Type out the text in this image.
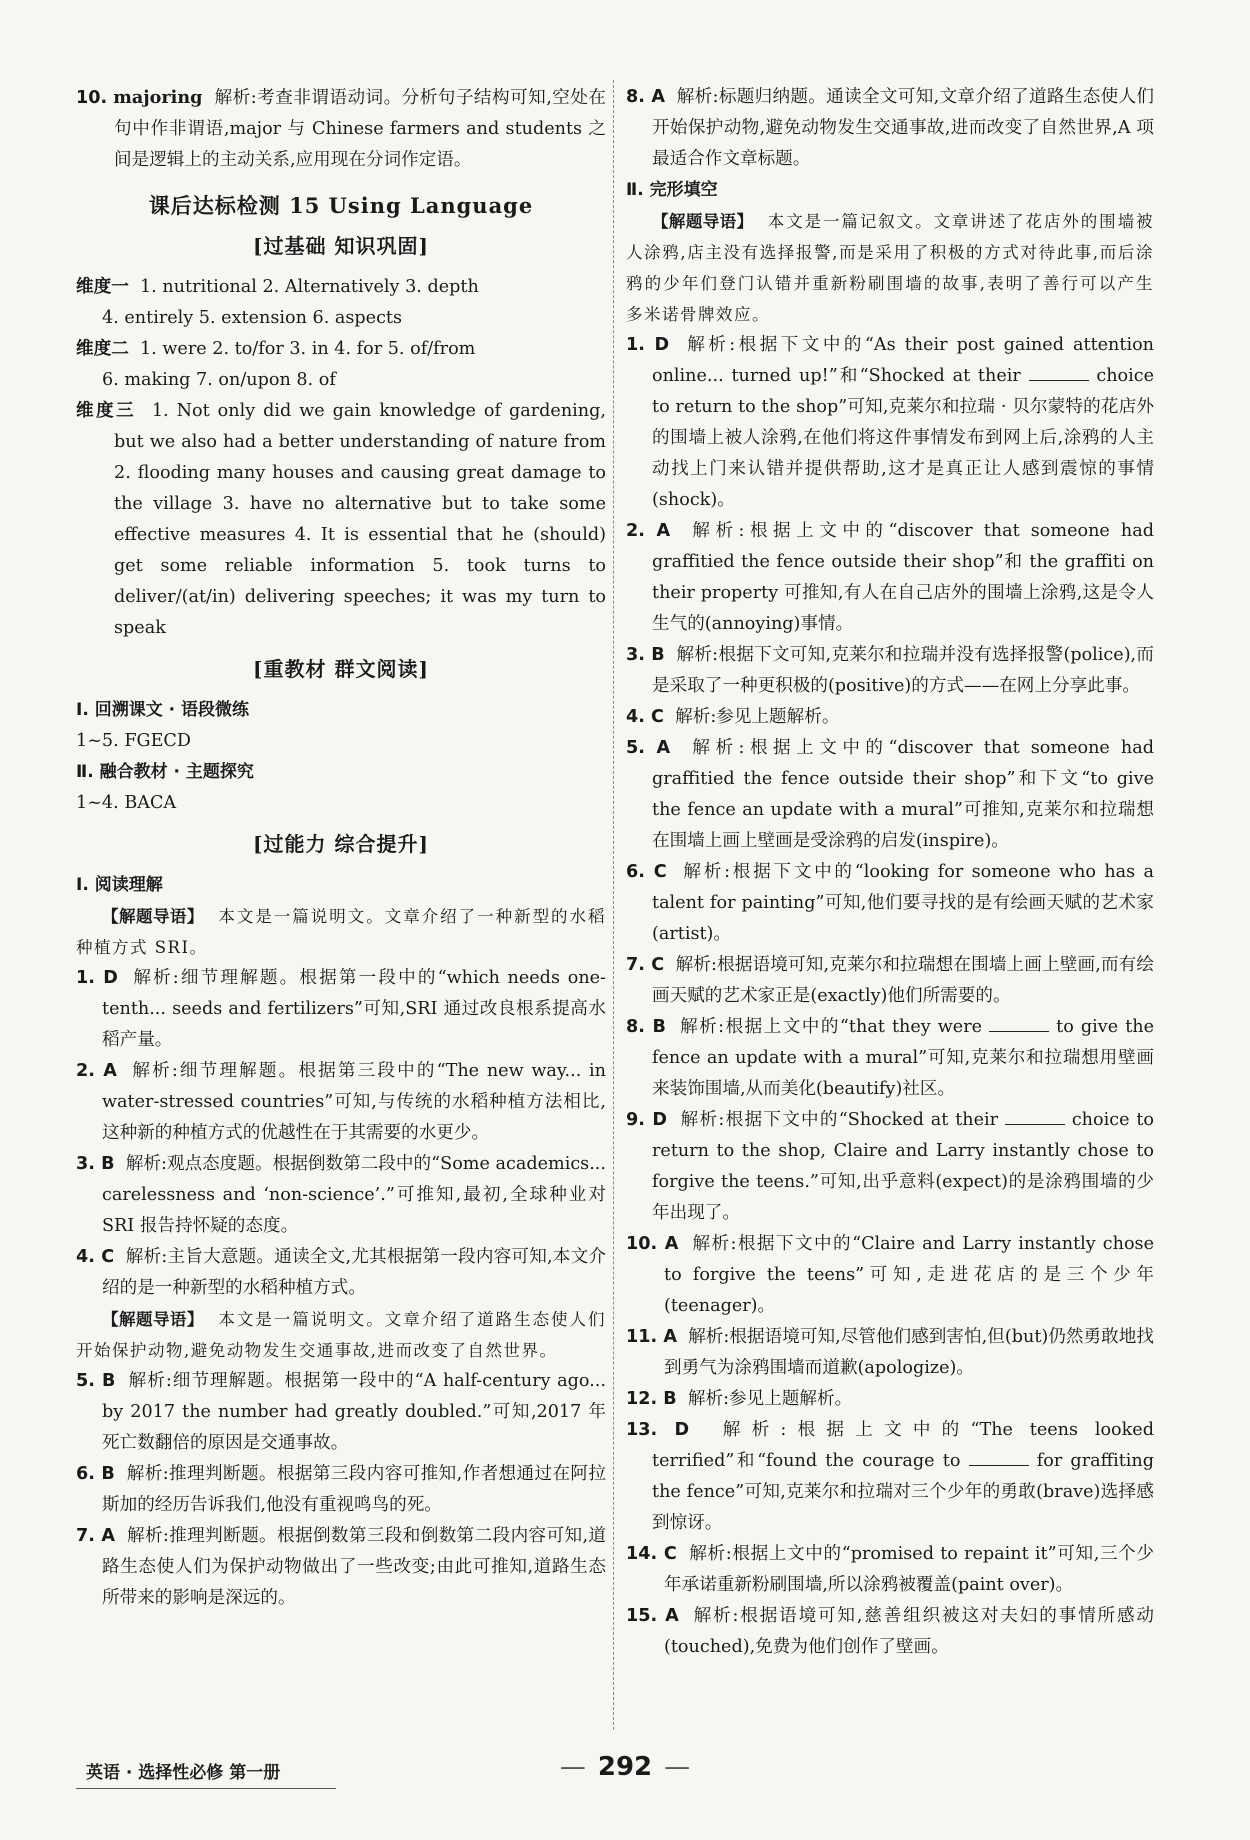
10. majoring 解析:考查非谓语动词。分析句子结构可知,空处在句中作非谓语,major 与 Chinese farmers and students 之间是逻辑上的主动关系,应用现在分词作定语。

课后达标检测 15 Using Language
[过基础 知识巩固]

维度一 1. nutritional 2. Alternatively 3. depth

4. entirely 5. extension 6. aspects

维度二 1. were 2. to/for 3. in 4. for 5. of/from

6. making 7. on/upon 8. of

维度三 1. Not only did we gain knowledge of gardening, but we also had a better understanding of nature from 2. flooding many houses and causing great damage to the village 3. have no alternative but to take some effective measures 4. It is essential that he (should) get some reliable information 5. took turns to deliver/(at/in) delivering speeches; it was my turn to speak

[重教材 群文阅读]

Ⅰ. 回溯课文 · 语段微练

1~5. FGECD

Ⅱ. 融合教材 · 主题探究

1~4. BACA

[过能力 综合提升]

Ⅰ. 阅读理解

【解题导语】 本文是一篇说明文。文章介绍了一种新型的水稻种植方式 SRI。

1. D 解析:细节理解题。根据第一段中的“which needs one-tenth... seeds and fertilizers”可知,SRI 通过改良根系提高水稻产量。

2. A 解析:细节理解题。根据第三段中的“The new way... in water-stressed countries”可知,与传统的水稻种植方法相比,这种新的种植方式的优越性在于其需要的水更少。

3. B 解析:观点态度题。根据倒数第二段中的“Some academics... carelessness and ‘non-science’.”可推知,最初,全球种业对 SRI 报告持怀疑的态度。

4. C 解析:主旨大意题。通读全文,尤其根据第一段内容可知,本文介绍的是一种新型的水稻种植方式。

【解题导语】 本文是一篇说明文。文章介绍了道路生态使人们开始保护动物,避免动物发生交通事故,进而改变了自然世界。

5. B 解析:细节理解题。根据第一段中的“A half-century ago... by 2017 the number had greatly doubled.”可知,2017 年死亡数翻倍的原因是交通事故。

6. B 解析:推理判断题。根据第三段内容可推知,作者想通过在阿拉斯加的经历告诉我们,他没有重视鸣鸟的死。

7. A 解析:推理判断题。根据倒数第三段和倒数第二段内容可知,道路生态使人们为保护动物做出了一些改变;由此可推知,道路生态所带来的影响是深远的。

8. A 解析:标题归纳题。通读全文可知,文章介绍了道路生态使人们开始保护动物,避免动物发生交通事故,进而改变了自然世界,A 项最适合作文章标题。

Ⅱ. 完形填空

【解题导语】 本文是一篇记叙文。文章讲述了花店外的围墙被人涂鸦,店主没有选择报警,而是采用了积极的方式对待此事,而后涂鸦的少年们登门认错并重新粉刷围墙的故事,表明了善行可以产生多米诺骨牌效应。

1. D 解析:根据下文中的“As their post gained attention online... turned up!”和“Shocked at their	choice to return to the shop”可知,克莱尔和拉瑞 · 贝尔蒙特的花店外的围墙上被人涂鸦,在他们将这件事情发布到网上后,涂鸦的人主动找上门来认错并提供帮助,这才是真正让人感到震惊的事情(shock)。

2. A 解析:根据上文中的“discover that someone had graffitied the fence outside their shop”和 the graffiti on their property 可推知,有人在自己店外的围墙上涂鸦,这是令人生气的(annoying)事情。

3. B 解析:根据下文可知,克莱尔和拉瑞并没有选择报警(police),而是采取了一种更积极的(positive)的方式——在网上分享此事。

4. C 解析:参见上题解析。

5. A 解析:根据上文中的“discover that someone had graffitied the fence outside their shop”和下文“to give the fence an update with a mural”可推知,克莱尔和拉瑞想在围墙上画上壁画是受涂鸦的启发(inspire)。

6. C 解析:根据下文中的“looking for someone who has a talent for painting”可知,他们要寻找的是有绘画天赋的艺术家(artist)。

7. C 解析:根据语境可知,克莱尔和拉瑞想在围墙上画上壁画,而有绘画天赋的艺术家正是(exactly)他们所需要的。

8. B 解析:根据上文中的“that they were	to give the fence an update with a mural”可知,克莱尔和拉瑞想用壁画来装饰围墙,从而美化(beautify)社区。

9. D 解析:根据下文中的“Shocked at their	choice to return to the shop, Claire and Larry instantly chose to forgive the teens.”可知,出乎意料(expect)的是涂鸦围墙的少年出现了。

10. A 解析:根据下文中的“Claire and Larry instantly chose to forgive the teens”可知,走进花店的是三个少年(teenager)。

11. A 解析:根据语境可知,尽管他们感到害怕,但(but)仍然勇敢地找到勇气为涂鸦围墙而道歉(apologize)。

12. B 解析:参见上题解析。

13. D 解析:根据上文中的“The teens looked terrified”和“found the courage to	for graffiting the fence”可知,克莱尔和拉瑞对三个少年的勇敢(brave)选择感到惊讶。

14. C 解析:根据上文中的“promised to repaint it”可知,三个少年承诺重新粉刷围墙,所以涂鸦被覆盖(paint over)。

15. A 解析:根据语境可知,慈善组织被这对夫妇的事情所感动(touched),免费为他们创作了壁画。

英语 · 选择性必修 第一册	— 292 —
